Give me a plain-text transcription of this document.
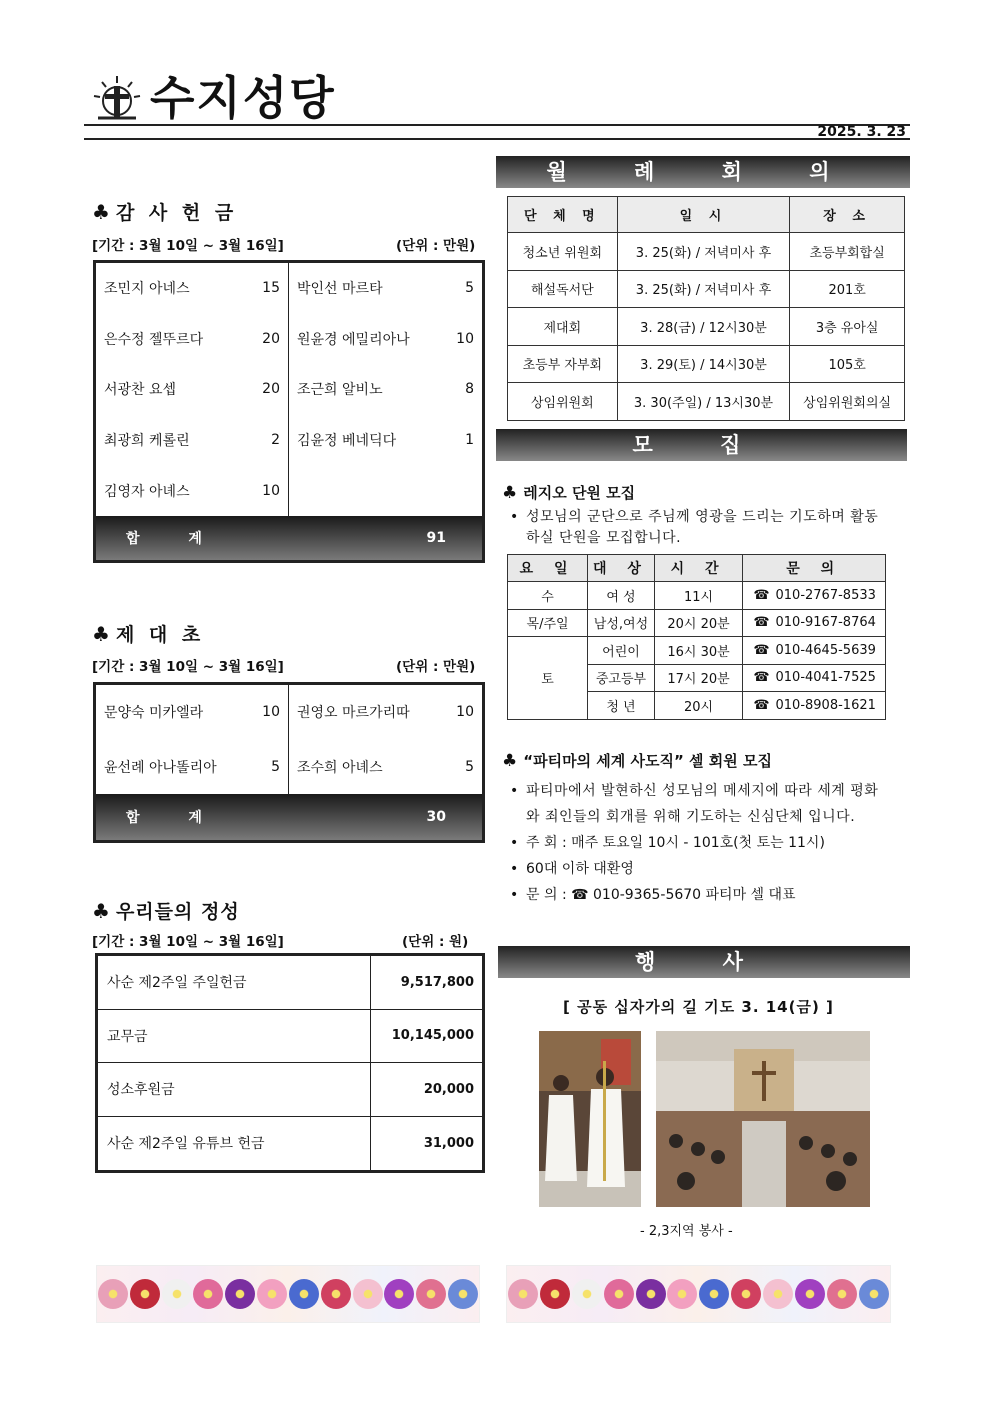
수지성당
2025. 3. 23
♣ 감 사 헌 금
[기간 : 3월 10일 ~ 3월 16일]	(단위 : 만원)
조민지 아네스	15 박인선 마르타	5
은수정 젤뚜르다	20 원윤경 에밀리아나	10
서광찬 요셉	20 조근희 알비노	8
최광희 케롤린	2 김윤정 베네딕다	1
김영자 아녜스	10
합 계	91
♣ 제 대 초
[기간 : 3월 10일 ~ 3월 16일]	(단위 : 만원)
문양숙 미카엘라	10 권영오 마르가리따	10
윤선례 아나똘리아	5 조수희 아녜스	5
합 계	30
♣ 우리들의 정성
[기간 : 3월 10일 ~ 3월 16일]	(단위 : 원)
사순 제2주일 주일헌금	9,517,800
교무금	10,145,000
성소후원금	20,000
사순 제2주일 유튜브 헌금	31,000
월 례 회 의
단 체 명	일 시	장 소
청소년 위원회	3. 25(화) / 저녁미사 후	초등부회합실
해설독서단	3. 25(화) / 저녁미사 후	201호
제대회	3. 28(금) / 12시30분	3층 유아실
초등부 자부회	3. 29(토) / 14시30분	105호
상임위원회	3. 30(주일) / 13시30분	상임위원회의실
모 집
♣ 레지오 단원 모집
• 성모님의 군단으로 주님께 영광을 드리는 기도하며 활동하실 단원을 모집합니다.
요 일	대 상	시 간	문 의
수	여 성	11시	☎ 010-2767-8533
목/주일	남성,여성	20시 20분	☎ 010-9167-8764
토	어린이	16시 30분	☎ 010-4645-5639
	중고등부	17시 20분	☎ 010-4041-7525
	청 년	20시	☎ 010-8908-1621
♣ “파티마의 세계 사도직” 셀 회원 모집
• 파티마에서 발현하신 성모님의 메세지에 따라 세계 평화와 죄인들의 회개를 위해 기도하는 신심단체 입니다.
• 주 회 : 매주 토요일 10시 - 101호(첫 토는 11시)
• 60대 이하 대환영
• 문 의 : ☎ 010-9365-5670 파티마 셀 대표
행 사
[ 공동 십자가의 길 기도 3. 14(금) ]
- 2,3지역 봉사 -
